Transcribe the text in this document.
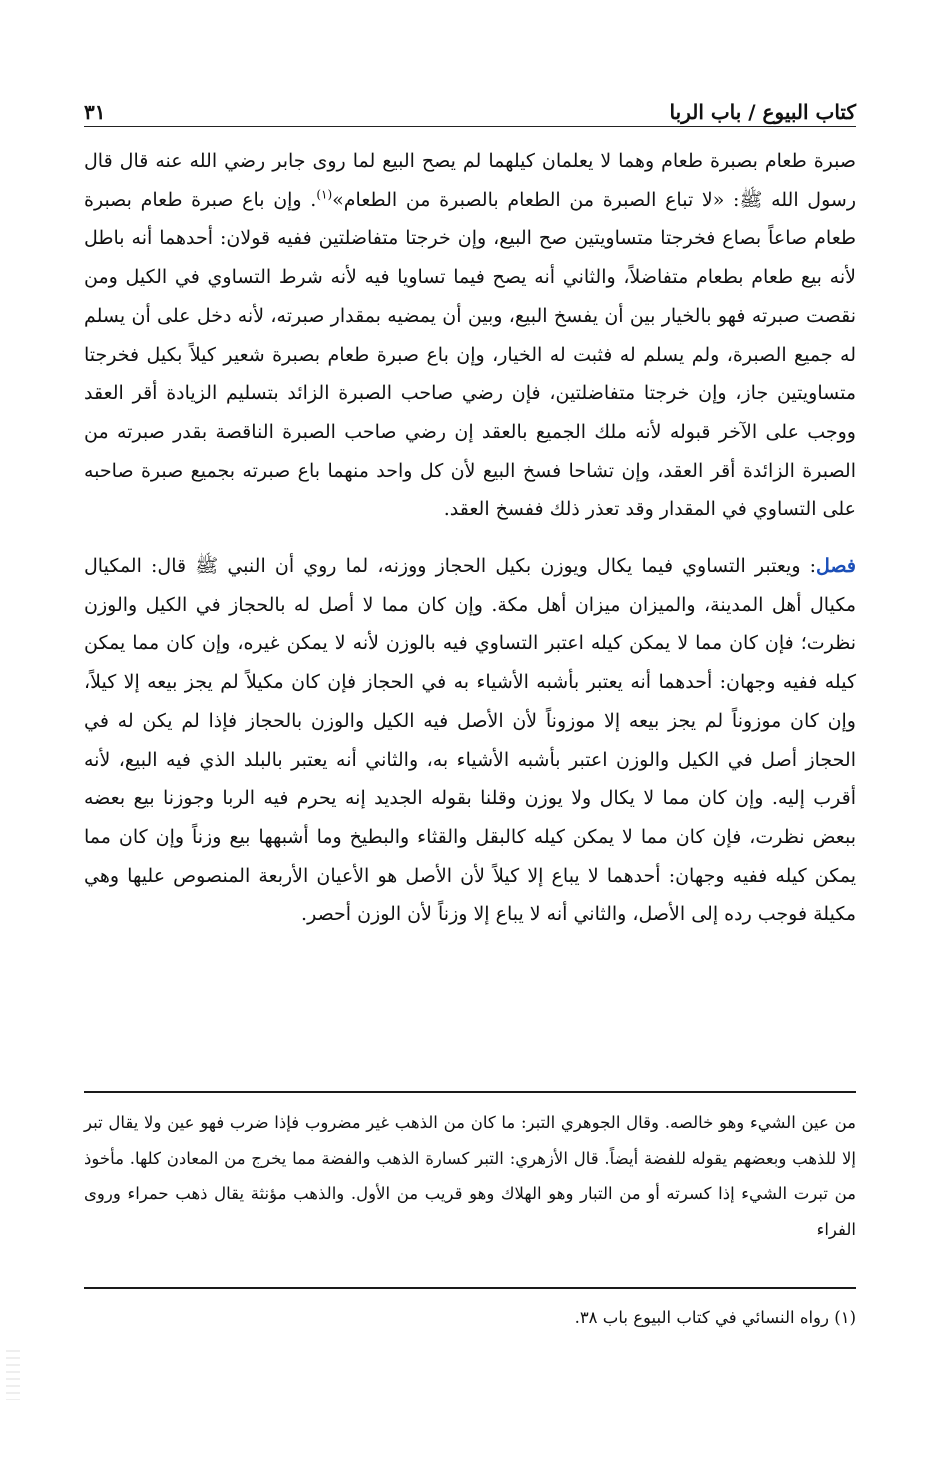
كتاب البيوع / باب الربا
٣١

صبرة طعام بصبرة طعام وهما لا يعلمان كيلهما لم يصح البيع لما روى جابر رضي الله عنه قال قال رسول الله ﷺ: «لا تباع الصبرة من الطعام بالصبرة من الطعام»$^{(١)}$. وإن باع صبرة طعام بصبرة طعام صاعاً بصاع فخرجتا متساويتين صح البيع، وإن خرجتا متفاضلتين ففيه قولان: أحدهما أنه باطل لأنه بيع طعام بطعام متفاضلاً، والثاني أنه يصح فيما تساويا فيه لأنه شرط التساوي في الكيل ومن نقصت صبرته فهو بالخيار بين أن يفسخ البيع، وبين أن يمضيه بمقدار صبرته، لأنه دخل على أن يسلم له جميع الصبرة، ولم يسلم له فثبت له الخيار، وإن باع صبرة طعام بصبرة شعير كيلاً بكيل فخرجتا متساويتين جاز، وإن خرجتا متفاضلتين، فإن رضي صاحب الصبرة الزائد بتسليم الزيادة أقر العقد ووجب على الآخر قبوله لأنه ملك الجميع بالعقد إن رضي صاحب الصبرة الناقصة بقدر صبرته من الصبرة الزائدة أقر العقد، وإن تشاحا فسخ البيع لأن كل واحد منهما باع صبرته بجميع صبرة صاحبه على التساوي في المقدار وقد تعذر ذلك ففسخ العقد.

فصل: ويعتبر التساوي فيما يكال ويوزن بكيل الحجاز ووزنه، لما روي أن النبي ﷺ قال: المكيال مكيال أهل المدينة، والميزان ميزان أهل مكة. وإن كان مما لا أصل له بالحجاز في الكيل والوزن نظرت؛ فإن كان مما لا يمكن كيله اعتبر التساوي فيه بالوزن لأنه لا يمكن غيره، وإن كان مما يمكن كيله ففيه وجهان: أحدهما أنه يعتبر بأشبه الأشياء به في الحجاز فإن كان مكيلاً لم يجز بيعه إلا كيلاً، وإن كان موزوناً لم يجز بيعه إلا موزوناً لأن الأصل فيه الكيل والوزن بالحجاز فإذا لم يكن له في الحجاز أصل في الكيل والوزن اعتبر بأشبه الأشياء به، والثاني أنه يعتبر بالبلد الذي فيه البيع، لأنه أقرب إليه. وإن كان مما لا يكال ولا يوزن وقلنا بقوله الجديد إنه يحرم فيه الربا وجوزنا بيع بعضه ببعض نظرت، فإن كان مما لا يمكن كيله كالبقل والقثاء والبطيخ وما أشبهها بيع وزناً وإن كان مما يمكن كيله ففيه وجهان: أحدهما لا يباع إلا كيلاً لأن الأصل هو الأعيان الأربعة المنصوص عليها وهي مكيلة فوجب رده إلى الأصل، والثاني أنه لا يباع إلا وزناً لأن الوزن أحصر.

من عين الشيء وهو خالصه. وقال الجوهري التبر: ما كان من الذهب غير مضروب فإذا ضرب فهو عين ولا يقال تبر إلا للذهب وبعضهم يقوله للفضة أيضاً. قال الأزهري: التبر كسارة الذهب والفضة مما يخرج من المعادن كلها. مأخوذ من تبرت الشيء إذا كسرته أو من التبار وهو الهلاك وهو قريب من الأول. والذهب مؤنثة يقال ذهب حمراء وروى الفراء

(١) رواه النسائي في كتاب البيوع باب ٣٨.
